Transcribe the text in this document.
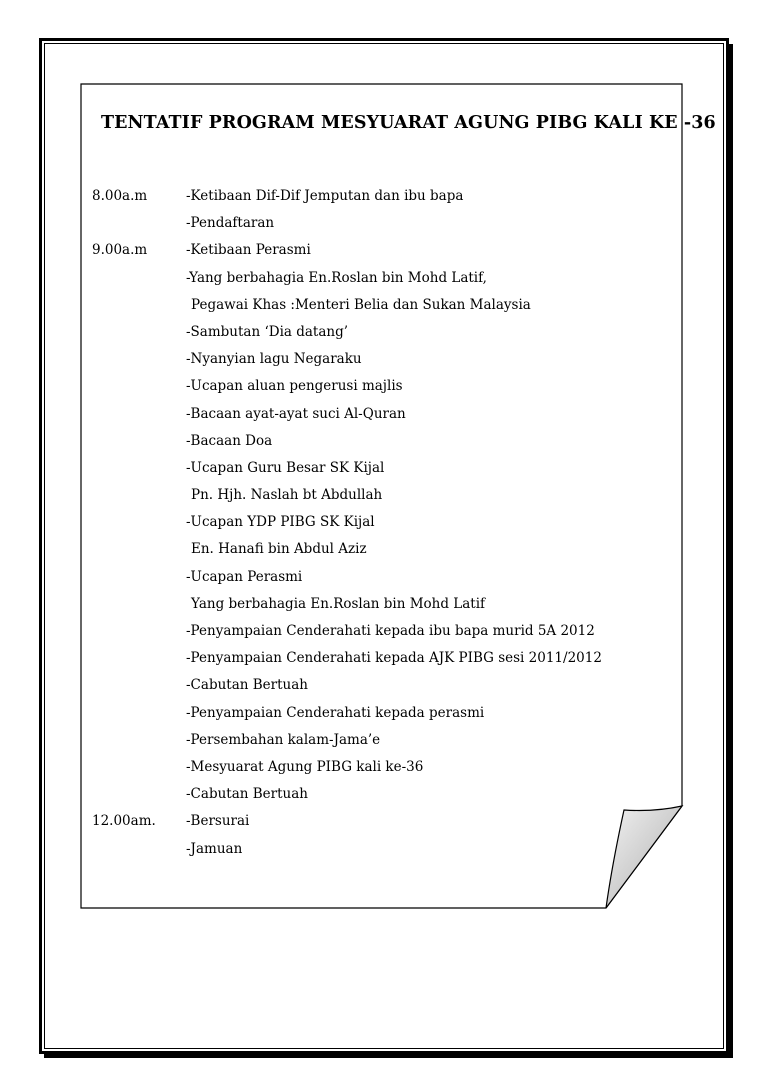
TENTATIF PROGRAM MESYUARAT AGUNG PIBG KALI KE -36
8.00a.m	-Ketibaan Dif-Dif Jemputan dan ibu bapa
-Pendaftaran
9.00a.m	-Ketibaan Perasmi
-Yang berbahagia En.Roslan bin Mohd Latif,
Pegawai Khas :Menteri Belia dan Sukan Malaysia
-Sambutan ‘Dia datang’
-Nyanyian lagu Negaraku
-Ucapan aluan pengerusi majlis
-Bacaan ayat-ayat suci Al-Quran
-Bacaan Doa
-Ucapan Guru Besar SK Kijal
Pn. Hjh. Naslah bt Abdullah
-Ucapan YDP PIBG SK Kijal
En. Hanafi bin Abdul Aziz
-Ucapan Perasmi
Yang berbahagia En.Roslan bin Mohd Latif
-Penyampaian Cenderahati kepada ibu bapa murid 5A 2012
-Penyampaian Cenderahati kepada AJK PIBG sesi 2011/2012
-Cabutan Bertuah
-Penyampaian Cenderahati kepada perasmi
-Persembahan kalam-Jama’e
-Mesyuarat Agung PIBG kali ke-36
-Cabutan Bertuah
12.00am. -Bersurai
-Jamuan
